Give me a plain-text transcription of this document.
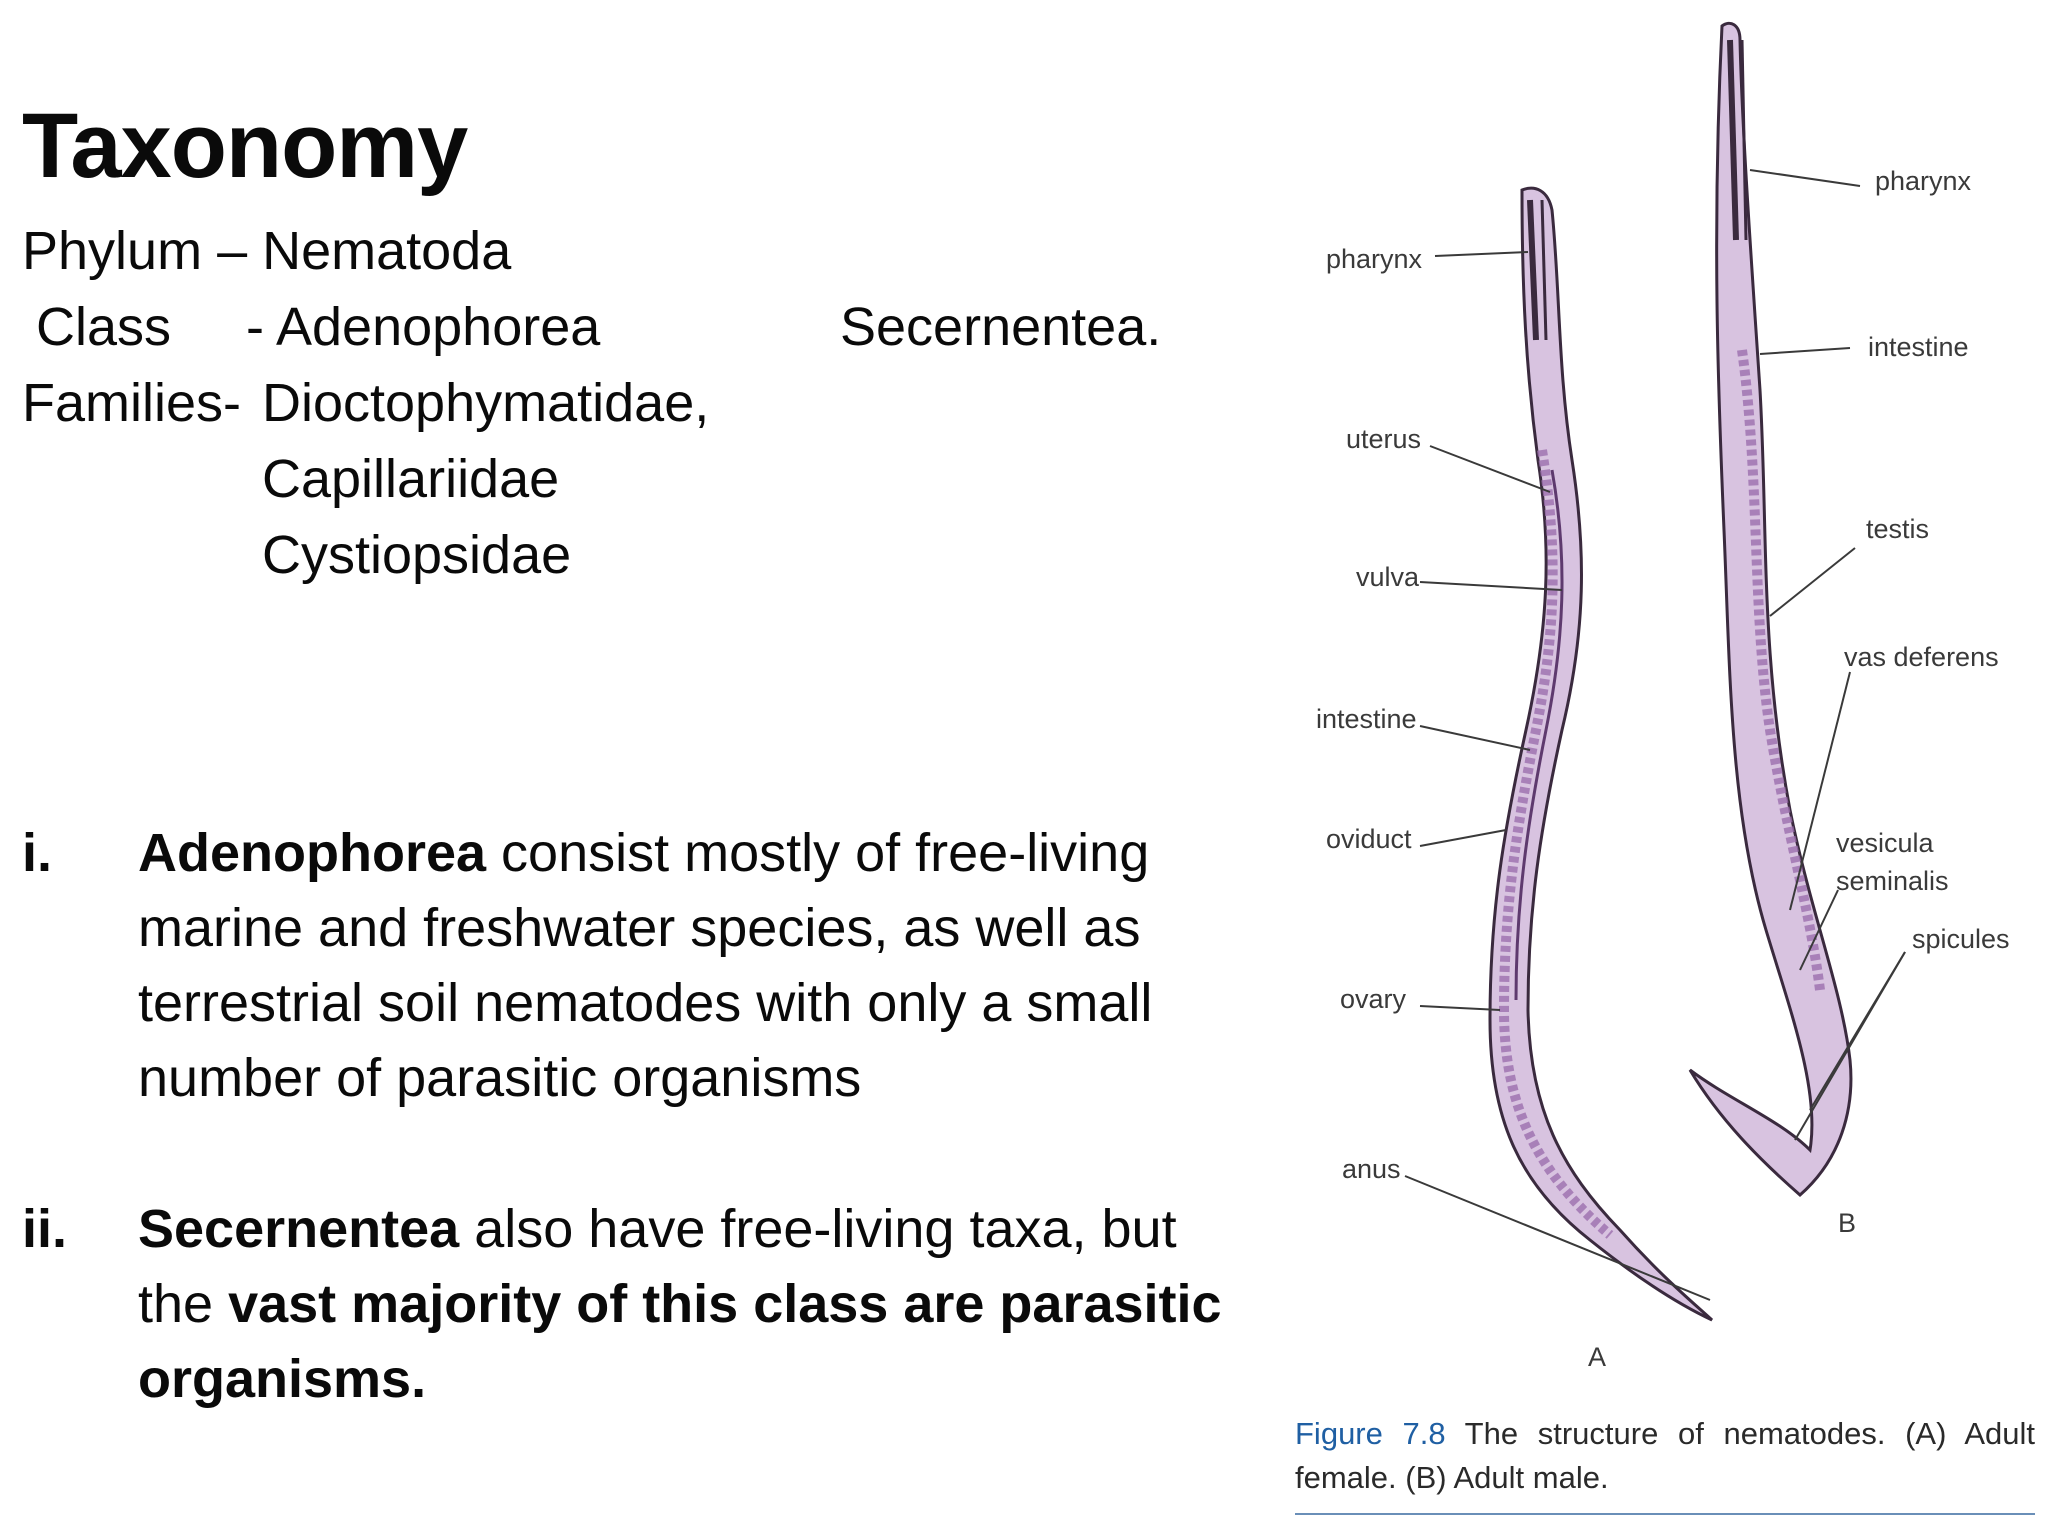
Taxonomy
Phylum – Nematoda
Class - Adenophorea	Secernentea.
Families- Dioctophymatidae,
Capillariidae
Cystiopsidae
i. Adenophorea consist mostly of free-living marine and freshwater species, as well as terrestrial soil nematodes with only a small number of parasitic organisms
ii. Secernentea also have free-living taxa, but the vast majority of this class are parasitic organisms.
pharynx
uterus
vulva
intestine
oviduct
ovary
anus
pharynx
intestine
testis
vas deferens
vesicula
seminalis
spicules
A
B
Figure 7.8 The structure of nematodes. (A) Adult female. (B) Adult male.
